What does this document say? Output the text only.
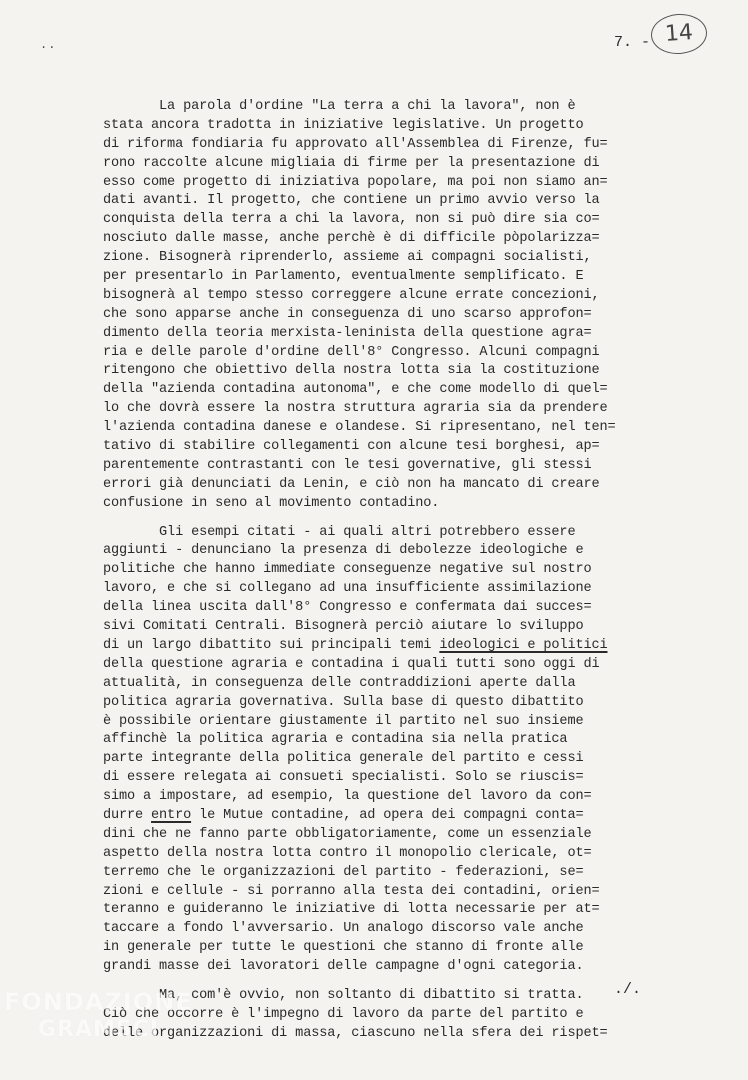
..	7. - 14
La parola d'ordine "La terra a chi la lavora", non è
stata ancora tradotta in iniziative legislative. Un progetto
di riforma fondiaria fu approvato all'Assemblea di Firenze, fu=
rono raccolte alcune migliaia di firme per la presentazione di
esso come progetto di iniziativa popolare, ma poi non siamo an=
dati avanti. Il progetto, che contiene un primo avvio verso la
conquista della terra a chi la lavora, non si può dire sia co=
nosciuto dalle masse, anche perchè è di difficile pòpolarizza=
zione. Bisognerà riprenderlo, assieme ai compagni socialisti,
per presentarlo in Parlamento, eventualmente semplificato. E
bisognerà al tempo stesso correggere alcune errate concezioni,
che sono apparse anche in conseguenza di uno scarso approfon=
dimento della teoria merxista-leninista della questione agra=
ria e delle parole d'ordine dell'8° Congresso. Alcuni compagni
ritengono che obiettivo della nostra lotta sia la costituzione
della "azienda contadina autonoma", e che come modello di quel=
lo che dovrà essere la nostra struttura agraria sia da prendere
l'azienda contadina danese e olandese. Si ripresentano, nel ten=
tativo di stabilire collegamenti con alcune tesi borghesi, ap=
parentemente contrastanti con le tesi governative, gli stessi
errori già denunciati da Lenin, e ciò non ha mancato di creare
confusione in seno al movimento contadino.
Gli esempi citati - ai quali altri potrebbero essere
aggiunti - denunciano la presenza di debolezze ideologiche e
politiche che hanno immediate conseguenze negative sul nostro
lavoro, e che si collegano ad una insufficiente assimilazione
della linea uscita dall'8° Congresso e confermata dai succes=
sivi Comitati Centrali. Bisognerà perciò aiutare lo sviluppo
di un largo dibattito sui principali temi ideologici e politici
della questione agraria e contadina i quali tutti sono oggi di
attualità, in conseguenza delle contraddizioni aperte dalla
politica agraria governativa. Sulla base di questo dibattito
è possibile orientare giustamente il partito nel suo insieme
affinchè la politica agraria e contadina sia nella pratica
parte integrante della politica generale del partito e cessi
di essere relegata ai consueti specialisti. Solo se riuscis=
simo a impostare, ad esempio, la questione del lavoro da con=
durre entro le Mutue contadine, ad opera dei compagni conta=
dini che ne fanno parte obbligatoriamente, come un essenziale
aspetto della nostra lotta contro il monopolio clericale, ot=
terremo che le organizzazioni del partito - federazioni, se=
zioni e cellule - si porranno alla testa dei contadini, orien=
teranno e guideranno le iniziative di lotta necessarie per at=
taccare a fondo l'avversario. Un analogo discorso vale anche
in generale per tutte le questioni che stanno di fronte alle
grandi masse dei lavoratori delle campagne d'ogni categoria.
Ma, com'è ovvio, non soltanto di dibattito si tratta.
Ciò che occorre è l'impegno di lavoro da parte del partito e
delle organizzazioni di massa, ciascuno nella sfera dei rispet=
./.
FONDAZIONE
GRAMSCI
